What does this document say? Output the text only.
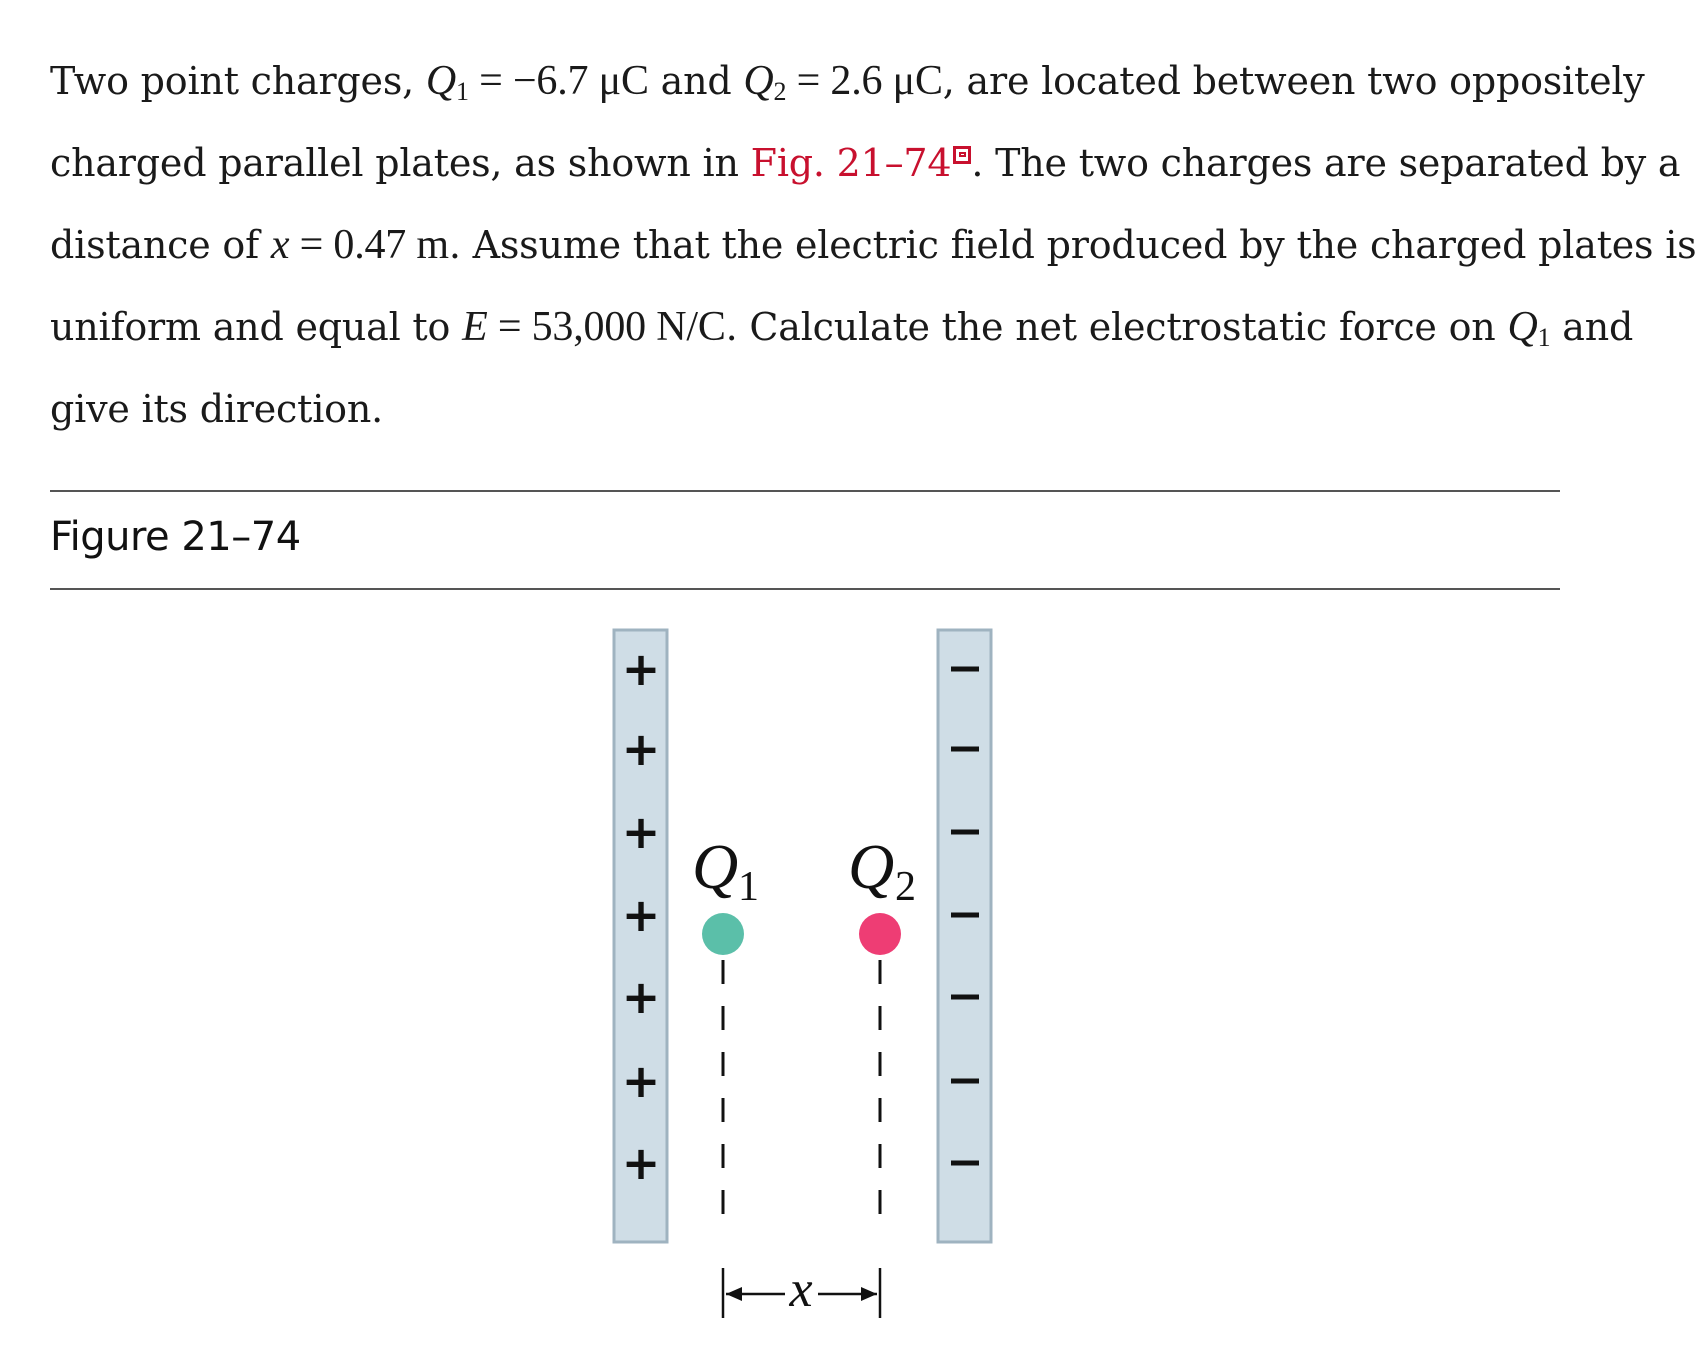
Two point charges, $Q_1 = -6.7$ μC and $Q_2 = 2.6$ μC, are located between two oppositely
charged parallel plates, as shown in Fig. 21–74 . The two charges are separated by a
distance of x = 0.47 m. Assume that the electric field produced by the charged plates is
uniform and equal to E = 53,000 N/C. Calculate the net electrostatic force on $Q_1$ and
give its direction.
Figure 21–74
+
+
+
+
+
+
+
Q 1 Q 2
x
